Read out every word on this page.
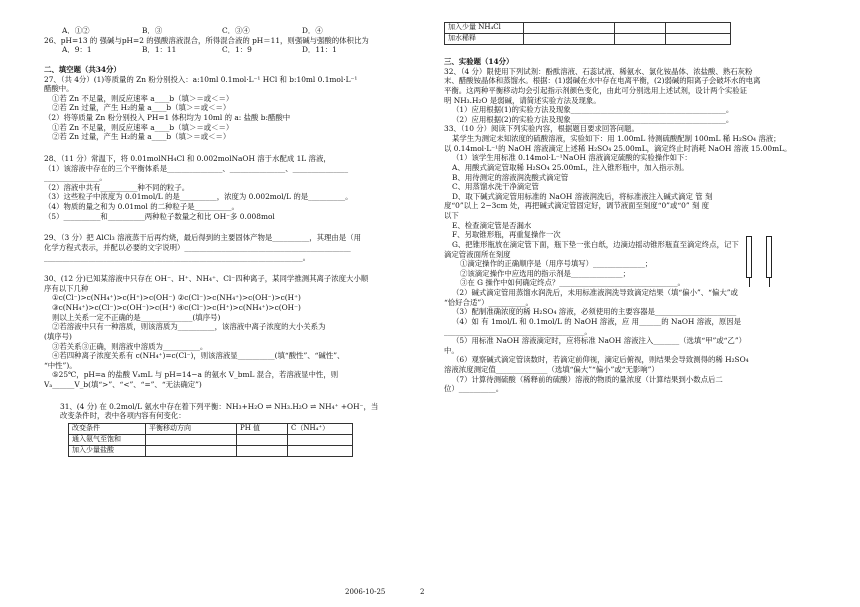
A．①②	B．③	C．③④	D．④

26、pH=13 的 强碱与pH=2 的强酸溶液混合，所得混合液的 pH＝11，则强碱与强酸的体积比为

A．9：1	B．1：11	C．1：9	D．11：1

二、填空题（共34分）

27、（共 4分）(1)等质量的 Zn 粉分别投入：a:10ml 0.1mol·L⁻¹ HCl 和 b:10ml 0.1mol·L⁻¹

醋酸中。

①若 Zn 不足量，则反应速率 a____b（填＞＝或＜＝）

②若 Zn 过量，产生 H₂的量 a____b（填＞＝或＜＝）

（2）将等质量 Zn 粉分别投入 PH=1 体积均为 10ml 的 a: 盐酸 b:醋酸中

①若 Zn 不足量，则反应速率 a____b（填＞＝或＜＝）

②若 Zn 过量，产生 H₂的量 a____b（填＞＝或＜＝）

28、（11 分）常温下，将 0.01molNH₄Cl 和 0.002molNaOH 溶于水配成 1L 溶液，

（1）该溶液中存在的三个平衡体系是_______________、_______________、_______________

_______________。

（2）溶液中共有__________种不同的粒子。

（3）这些粒子中浓度为 0.01mol/L 的是__________，浓度为 0.002mol/L 的是__________。

（4）物质的量之和为 0.01mol 的二种粒子是__________。

（5）__________和__________两种粒子数量之和比 OH⁻多 0.008mol

29、（3 分）把 AlCl₃ 溶液蒸干后再灼烧，最后得到的主要固体产物是__________，其理由是（用

化学方程式表示，并配以必要的文字说明）_____________________________________________

______________________________________________________________________。

30、(12 分)已知某溶液中只存在 OH⁻、H⁺、NH₄⁺、Cl⁻四种离子，某同学推测其离子浓度大小顺

序有以下几种

①c(Cl⁻)>c(NH₄⁺)>c(H⁺)>c(OH⁻) ②c(Cl⁻)>c(NH₄⁺)>c(OH⁻)>c(H⁺)

③c(NH₄⁺)>c(Cl⁻)>c(OH⁻)>c(H⁺) ④c(Cl⁻)>c(H⁺)>c(NH₄⁺)>c(OH⁻)

则以上关系一定不正确的是______________(填序号)

②若溶液中只有一种溶质，则该溶质为__________，该溶液中离子浓度的大小关系为

(填序号)

③若关系③正确，则溶液中溶质为__________。

④若四种离子浓度关系有 c(NH₄⁺)=c(Cl⁻)，则该溶液显__________(填“酸性”、“碱性”、

“中性”)。

⑤25℃，pH=a 的盐酸 VₐmL 与 pH=14−a 的氨水 V_bmL 混合，若溶液显中性，则

Vₐ______V_b(填“>”、“<”、“=”、“无法确定”)

31、(4 分) 在 0.2mol/L 氨水中存在着下列平衡：NH₃+H₂O ⇌ NH₃.H₂O ⇌ NH₄⁺ +OH⁻，当

改变条件时，表中各项内容有何变化：

改变条件	平衡移动方向	PH 值	C（NH₄⁺）
通入氨气至饱和			
加入少量盐酸			
加入少量 NH₄Cl			
加水稀释			

三、实验题（14分）

32、（4 分）限使用下列试剂：酚酞溶液、石蕊试液、稀氨水、氯化铵晶体、浓盐酸、熟石灰粉

末、醋酸铵晶体和蒸馏水。根据：(1)弱碱在水中存在电离平衡，(2)弱碱的阳离子会破坏水的电离

平衡。这两种平衡移动均会引起指示剂颜色变化，由此可分别选用上述试剂，设计两个实验证

明 NH₃.H₂O 是弱碱，请简述实验方法及现象。

（1）应用根据(1)的实验方法及现象__________________________________________。

（2）应用根据(2)的实验方法及现象__________________________________________。

33、（10 分）阅读下列实验内容，根据题目要求回答问题。

某学生为测定未知浓度的硫酸溶液，实验如下：用 1.00mL 待测硫酸配制 100mL 稀 H₂SO₄ 溶液；

以 0.14mol·L⁻¹的 NaOH 溶液滴定上述稀 H₂SO₄ 25.00mL，滴定终止时消耗 NaOH 溶液 15.00mL。

（1）该学生用标准 0.14mol·L⁻¹NaOH 溶液滴定硫酸的实验操作如下：

A、用酸式滴定管取稀 H₂SO₄ 25.00mL，注入锥形瓶中，加入指示剂。

B、用待测定的溶液润洗酸式滴定管

C、用蒸馏水洗干净滴定管

D、取下碱式滴定管用标准的 NaOH 溶液润洗后，将标准液注入碱式滴定 管 刻

度“0”以上 2−3cm 处，再把碱式滴定管固定好，调节液面至刻度“0”或“0” 刻 度

以下

E、检查滴定管是否漏水

F、另取锥形瓶，再重复操作一次

G、把锥形瓶放在滴定管下面，瓶下垫一张白纸，边滴边摇动锥形瓶直至滴定终点，记下

滴定管液面所在刻度

①滴定操作的正确顺序是（用序号填写）______________；

②该滴定操作中应选用的指示剂是______________；

③在 G 操作中如何确定终点？________________________________。

（2）碱式滴定管用蒸馏水润洗后，未用标准液润洗导致滴定结果（填“偏小”、“偏大”或

“恰好合适”）__________。

（3）配制准确浓度的稀 H₂SO₄ 溶液，必须使用的主要容器是______________________

（4）如 有 1mol/L 和 0.1mol/L 的 NaOH 溶液，应 用______的 NaOH 溶液，原因是

______________________________________。

（5）用标准 NaOH 溶液滴定时，应将标准 NaOH 溶液注入_______（选填“甲”或“乙”）

中。

（6）观察碱式滴定管读数时，若滴定前仰视，滴定后俯视，则结果会导致测得的稀 H₂SO₄

溶液浓度测定值______________（选填“偏大”“偏小”或“无影响”）

（7）计算待测硫酸（稀释前的硫酸）溶液的物质的量浓度（计算结果到小数点后二

位）__________。

2006-10-25	2
